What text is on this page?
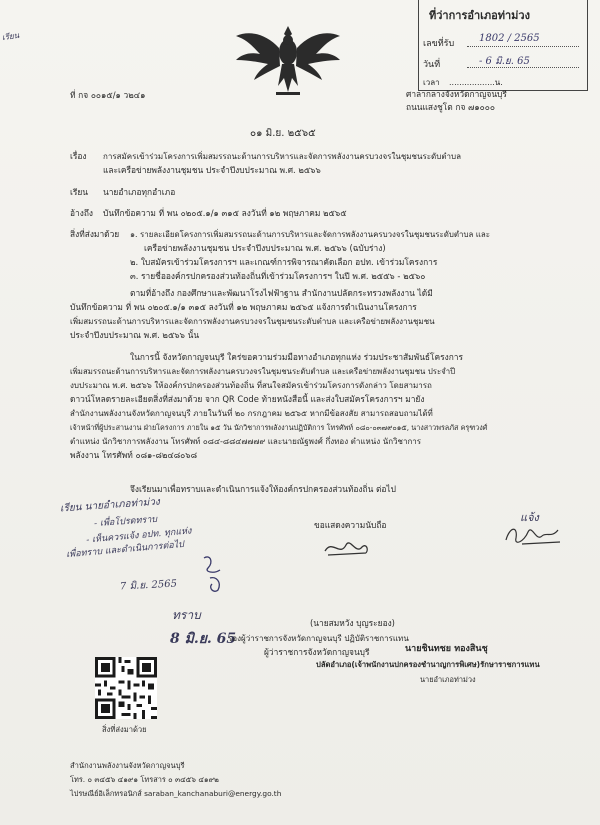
เรียน
ที่ว่าการอำเภอท่าม่วง
เลขที่รับ 1802 / 2565
วันที่	- 6 มิ.ย. 65
เวลา ..................น.
ที่ กจ ๐๐๑๕/๑ ว๒๔๑	ศาลากลางจังหวัดกาญจนบุรี
ถนนแสงชูโต กจ ๗๑๐๐๐
๐๑ มิ.ย. ๒๕๖๕
เรื่อง การสมัครเข้าร่วมโครงการเพิ่มสมรรถนะด้านการบริหารและจัดการพลังงานครบวงจรในชุมชนระดับตำบล
และเครือข่ายพลังงานชุมชน ประจำปีงบประมาณ พ.ศ. ๒๕๖๖
เรียน นายอำเภอทุกอำเภอ
อ้างถึง บันทึกข้อความ ที่ พน ๐๒๐๕.๑/๑ ๓๑๕ ลงวันที่ ๑๒ พฤษภาคม ๒๕๖๕
สิ่งที่ส่งมาด้วย ๑. รายละเอียดโครงการเพิ่มสมรรถนะด้านการบริหารและจัดการพลังงานครบวงจรในชุมชนระดับตำบล และ
เครือข่ายพลังงานชุมชน ประจำปีงบประมาณ พ.ศ. ๒๕๖๖ (ฉบับร่าง)
๒. ใบสมัครเข้าร่วมโครงการฯ และเกณฑ์การพิจารณาคัดเลือก อปท. เข้าร่วมโครงการ
๓. รายชื่อองค์กรปกครองส่วนท้องถิ่นที่เข้าร่วมโครงการฯ ในปี พ.ศ. ๒๕๕๖ - ๒๕๖๐
ตามที่อ้างถึง กองศึกษาและพัฒนาโรงไฟฟ้าฐาน สำนักงานปลัดกระทรวงพลังงาน ได้มี
บันทึกข้อความ ที่ พน ๐๒๐๕.๑/๑ ๓๑๕ ลงวันที่ ๑๒ พฤษภาคม ๒๕๖๕ แจ้งการดำเนินงานโครงการ
เพิ่มสมรรถนะด้านการบริหารและจัดการพลังงานครบวงจรในชุมชนระดับตำบล และเครือข่ายพลังงานชุมชน
ประจำปีงบประมาณ พ.ศ. ๒๕๖๖ นั้น
ในการนี้ จังหวัดกาญจนบุรี ใคร่ขอความร่วมมือทางอำเภอทุกแห่ง ร่วมประชาสัมพันธ์โครงการ
เพิ่มสมรรถนะด้านการบริหารและจัดการพลังงานครบวงจรในชุมชนระดับตำบล และเครือข่ายพลังงานชุมชน ประจำปี
งบประมาณ พ.ศ. ๒๕๖๖ ให้องค์กรปกครองส่วนท้องถิ่น ที่สนใจสมัครเข้าร่วมโครงการดังกล่าว โดยสามารถ
ดาวน์โหลดรายละเอียดสิ่งที่ส่งมาด้วย จาก QR Code ท้ายหนังสือนี้ และส่งใบสมัครโครงการฯ มายัง
สำนักงานพลังงานจังหวัดกาญจนบุรี ภายในวันที่ ๒๐ กรกฎาคม ๒๕๖๕ หากมีข้อสงสัย สามารถสอบถามได้ที่
เจ้าหน้าที่ผู้ประสานงาน ฝ่ายโครงการ ภายใน ๑๕ วัน นักวิชาการพลังงานปฏิบัติการ โทรศัพท์ ๐๘๐-๐๓๗๙๐๑๕, นางสาวพรลภัส ครุฑวงศ์
ตำแหน่ง นักวิชาการพลังงาน โทรศัพท์ ๐๘๔-๘๘๔๗๗๗๙ และนายณัฐพงศ์ กึ่งทอง ตำแหน่ง นักวิชาการ
พลังงาน โทรศัพท์ ๐๘๑-๘๒๔๘๐๖๘
จึงเรียนมาเพื่อทราบและดำเนินการแจ้งให้องค์กรปกครองส่วนท้องถิ่น ต่อไป
เรียน นายอำเภอท่าม่วง
- เพื่อโปรดทราบ
- เห็นควรแจ้ง อปท. ทุกแห่ง
เพื่อทราบ และดำเนินการต่อไป
7 มิ.ย. 2565
ทราบ
8 มิ.ย. 65
แจ้ง
ขอแสดงความนับถือ
(นายสมหวัง บุญระยอง)
รองผู้ว่าราชการจังหวัดกาญจนบุรี ปฏิบัติราชการแทน
ผู้ว่าราชการจังหวัดกาญจนบุรี	นายชินทชย ทองสินชุ
ปลัดอำเภอ(เจ้าพนักงานปกครองชำนาญการพิเศษ)รักษาราชการแทน
นายอำเภอท่าม่วง
สิ่งที่ส่งมาด้วย
สำนักงานพลังงานจังหวัดกาญจนบุรี
โทร. ๐ ๓๔๕๖ ๔๑๙๑ โทรสาร ๐ ๓๔๕๖ ๔๑๙๒
ไปรษณีย์อิเล็กทรอนิกส์ saraban_kanchanaburi@energy.go.th
